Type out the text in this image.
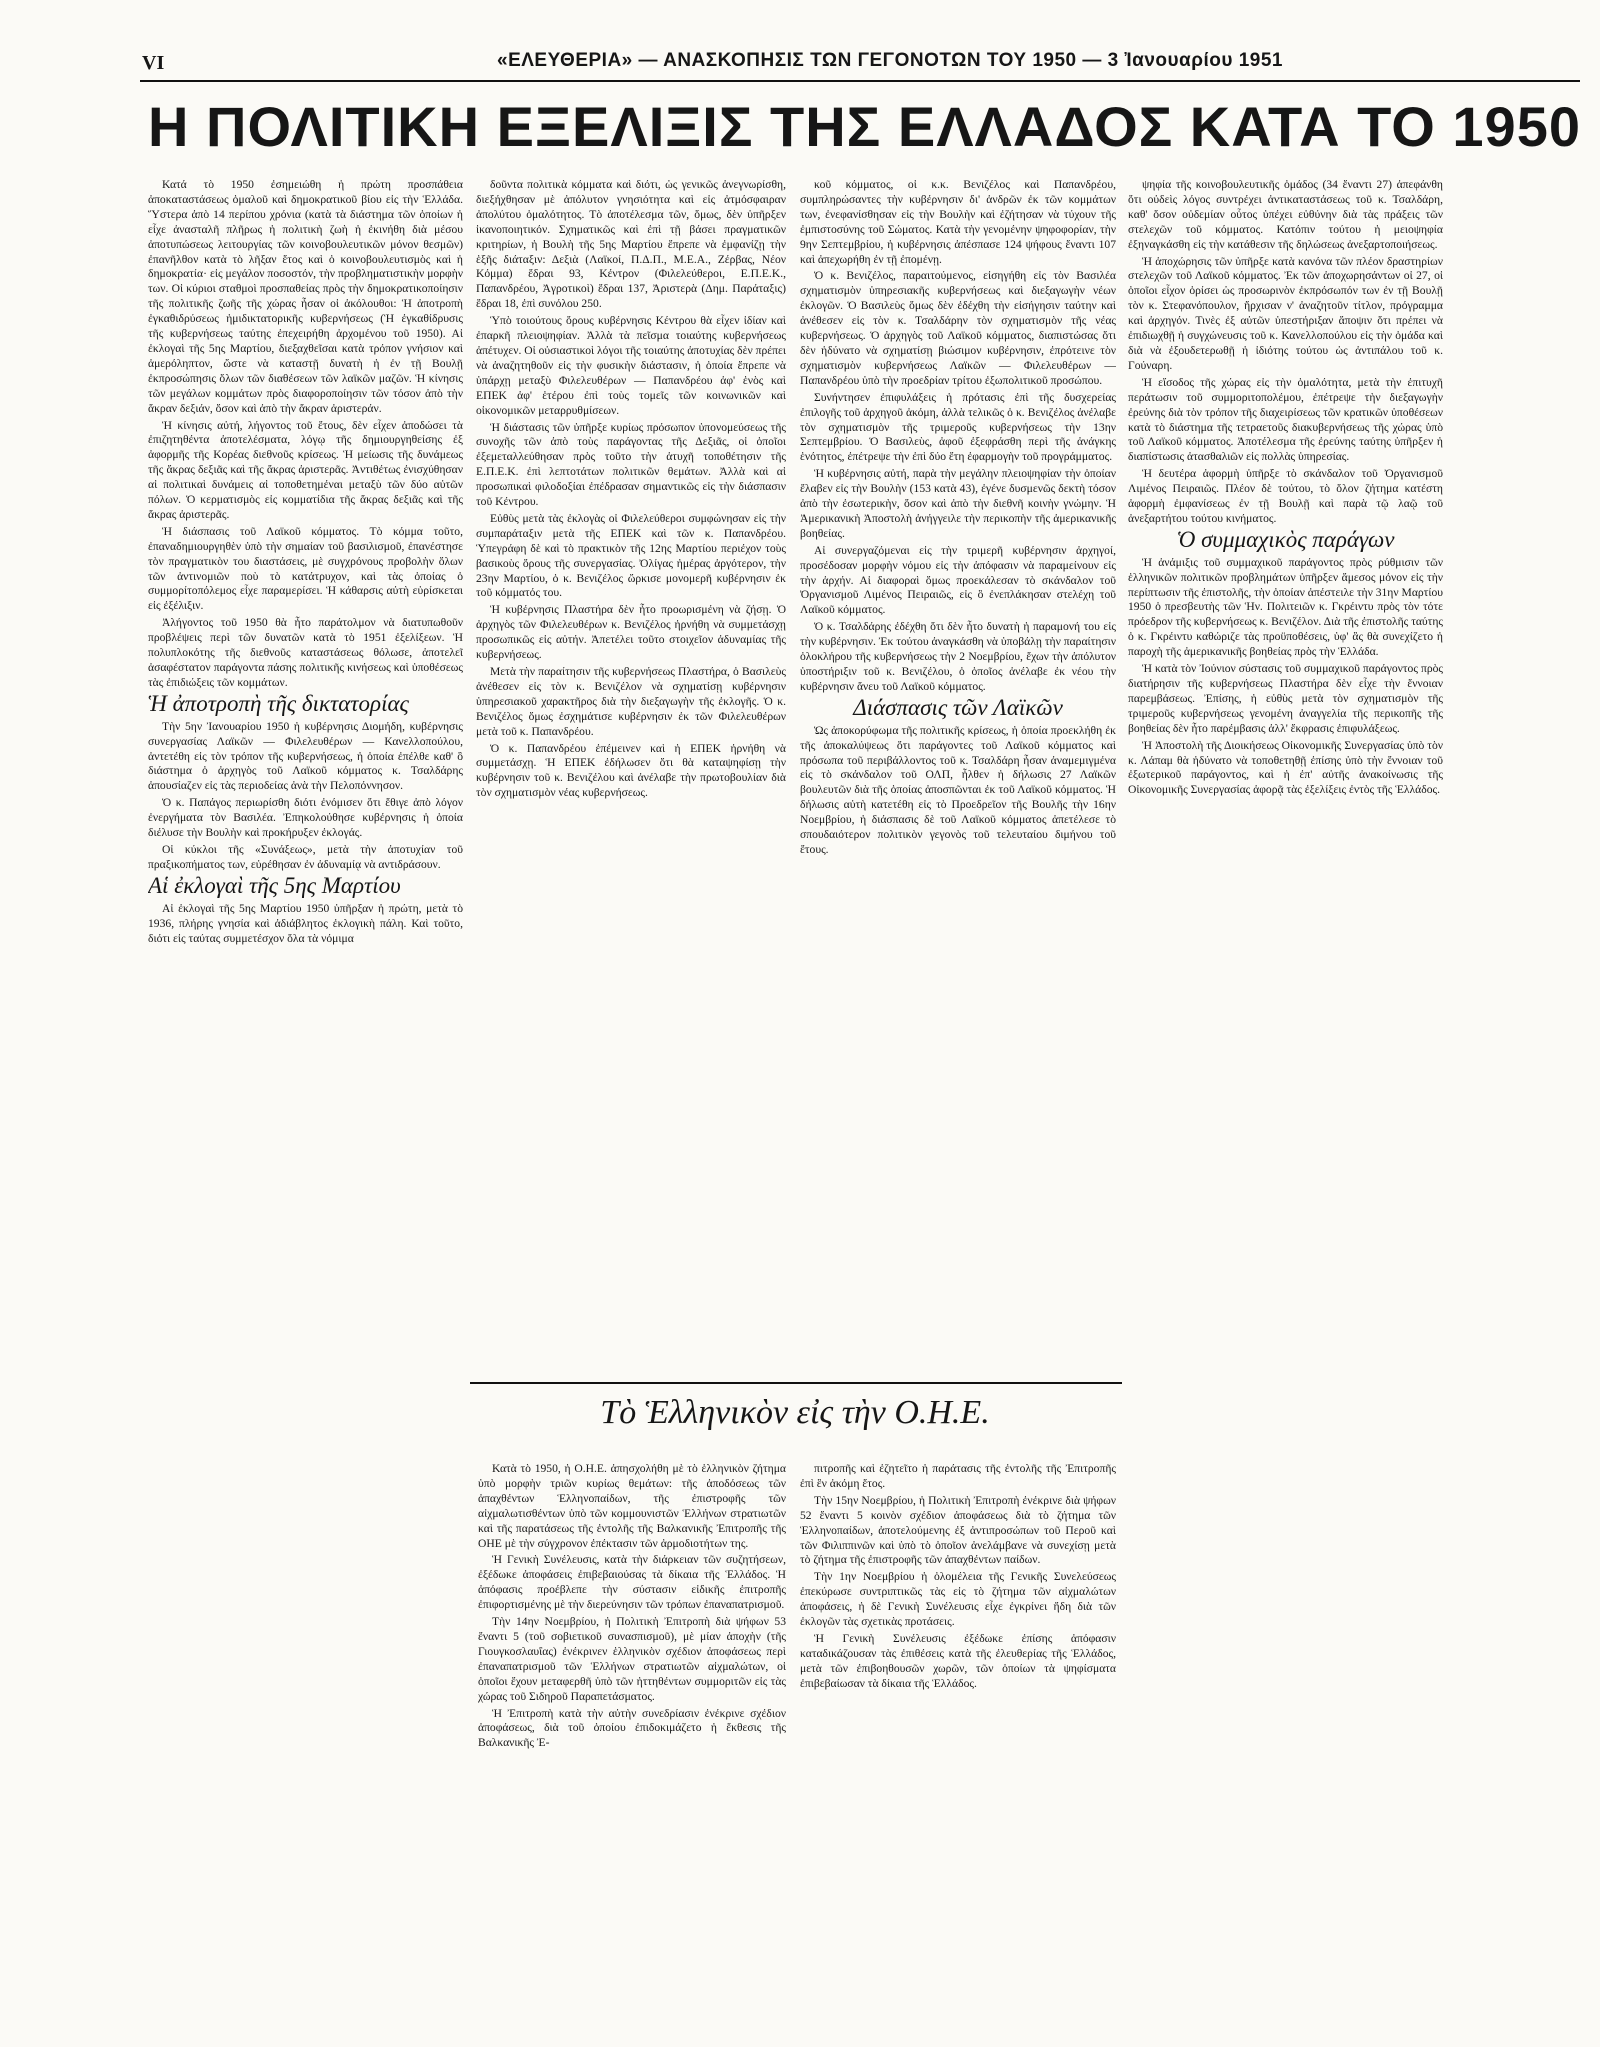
VI	«ΕΛΕΥΘΕΡΙΑ» — ΑΝΑΣΚΟΠΗΣΙΣ ΤΩΝ ΓΕΓΟΝΟΤΩΝ ΤΟΥ 1950 — 3 Ἰανουαρίου 1951
Η ΠΟΛΙΤΙΚΗ ΕΞΕΛΙΞΙΣ ΤΗΣ ΕΛΛΑΔΟΣ ΚΑΤΑ ΤΟ 1950

Κατά τὸ 1950 ἐσημειώθη ἡ πρώτη προσπάθεια ἀποκαταστάσεως ὁμαλοῦ καὶ δημοκρατικοῦ βίου εἰς τὴν Ἑλλάδα. Ὕστερα ἀπὸ 14 περίπου χρόνια (κατὰ τὰ διάστημα τῶν ὁποίων ἡ εἶχε ἀνασταλῆ πλῆρως ἡ πολιτικὴ ζωὴ ἡ ἐκινήθη διὰ μέσου ἀποτυπώσεως λειτουργίας τῶν κοινοβουλευτικῶν μόνον θεσμῶν) ἐπανῆλθον κατὰ τὸ λῆξαν ἔτος καὶ ὁ κοινοβουλευτισμὸς καὶ ἡ δημοκρατία· εἰς μεγάλον ποσοστόν, τὴν προβληματιστικὴν μορφὴν των. Οἱ κύριοι σταθμοὶ προσπαθείας πρὸς τὴν δημοκρατικοποίησιν τῆς πολιτικῆς ζωῆς τῆς χώρας ἦσαν οἱ ἀκόλουθοι: Ἡ ἀποτροπὴ ἐγκαθιδρύσεως ἡμιδικτατορικῆς κυβερνήσεως (Ἡ ἐγκαθίδρυσις τῆς κυβερνήσεως ταύτης ἐπεχειρήθη ἀρχομένου τοῦ 1950). Αἱ ἐκλογαὶ τῆς 5ης Μαρτίου, διεξαχθεῖσαι κατὰ τρόπον γνήσιον καὶ ἀμερόληπτον, ὥστε νὰ καταστῇ δυνατὴ ἡ ἐν τῇ Βουλῇ ἐκπροσώπησις ὅλων τῶν διαθέσεων τῶν λαϊκῶν μαζῶν. Ἡ κίνησις τῶν μεγάλων κομμάτων πρὸς διαφοροποίησιν τῶν τόσον ἀπὸ τὴν ἄκραν δεξιάν, ὅσον καὶ ἀπὸ τὴν ἄκραν ἀριστεράν.

Ἡ κίνησις αὐτή, λήγοντος τοῦ ἔτους, δὲν εἶχεν ἀποδώσει τὰ ἐπιζητηθέντα ἀποτελέσματα, λόγῳ τῆς δημιουργηθείσης ἐξ ἀφορμῆς τῆς Κορέας διεθνοῦς κρίσεως. Ἡ μείωσις τῆς δυνάμεως τῆς ἄκρας δεξιᾶς καὶ τῆς ἄκρας ἀριστερᾶς. Ἀντιθέτως ἐνισχύθησαν αἱ πολιτικαὶ δυνάμεις αἱ τοποθετημέναι μεταξὺ τῶν δύο αὐτῶν πόλων. Ὁ κερματισμὸς εἰς κομματίδια τῆς ἄκρας δεξιᾶς καὶ τῆς ἄκρας ἀριστερᾶς.

Ἡ διάσπασις τοῦ Λαϊκοῦ κόμματος. Τὸ κόμμα τοῦτο, ἐπαναδημιουργηθὲν ὑπὸ τὴν σημαίαν τοῦ βασιλισμοῦ, ἐπανέστησε τὸν πραγματικὸν του διαστάσεις, μὲ συγχρόνους προβολὴν ὅλων τῶν ἀντινομιῶν ποὺ τὸ κατάτρυχον, καὶ τὰς ὁποίας ὁ συμμορίτοπόλεμος εἶχε παραμερίσει. Ἡ κάθαρσις αὐτὴ εὑρίσκεται εἰς ἐξέλιξιν.

Ἀλήγοντος τοῦ 1950 θὰ ἦτο παράτολμον νὰ διατυπωθοῦν προβλέψεις περὶ τῶν δυνατῶν κατὰ τὸ 1951 ἐξελίξεων. Ἡ πολυπλοκότης τῆς διεθνοῦς καταστάσεως θόλωσε, ἀποτελεῖ ἀσαφέστατον παράγοντα πάσης πολιτικῆς κινήσεως καὶ ὑποθέσεως τὰς ἐπιδιώξεις τῶν κομμάτων.

Ἡ ἀποτροπὴ τῆς δικτατορίας

Τὴν 5ην Ἰανουαρίου 1950 ἡ κυβέρνησις Διομήδη, κυβέρνησις συνεργασίας Λαϊκῶν — Φιλελευθέρων — Κανελλοπούλου, ἀντετέθη εἰς τὸν τρόπον τῆς κυβερνήσεως, ἡ ὁποία ἐπέλθε καθ' ὃ διάστημα ὁ ἀρχηγὸς τοῦ Λαϊκοῦ κόμματος κ. Τσαλδάρης ἀπουσίαζεν εἰς τὰς περιοδείας ἀνὰ τὴν Πελοπόννησον.

Ὁ κ. Παπάγος περιωρίσθη διότι ἐνόμισεν ὅτι ἔθιγε ἀπὸ λόγον ἐνεργήματα τὸν Βασιλέα. Ἐπηκολούθησε κυβέρνησις ἡ ὁποία διέλυσε τὴν Βουλὴν καὶ προκήρυξεν ἐκλογάς.

Οἱ κύκλοι τῆς «Συνάξεως», μετὰ τὴν ἀποτυχίαν τοῦ πραξικοπήματος των, εὐρέθησαν ἐν ἀδυναμίᾳ νὰ αντιδράσουν.

Αἱ ἐκλογαὶ τῆς 5ης Μαρτίου

Αἱ ἐκλογαὶ τῆς 5ης Μαρτίου 1950 ὑπῆρξαν ἡ πρώτη, μετὰ τὸ 1936, πλήρης γνησία καὶ ἀδιάβλητος ἐκλογικὴ πάλη. Καὶ τοῦτο, διότι εἰς ταύτας συμμετέσχον ὅλα τὰ νόμιμα

δοῦντα πολιτικὰ κόμματα καὶ διότι, ὡς γενικῶς ἀνεγνωρίσθη, διεξήχθησαν μὲ ἀπόλυτον γνησιότητα καὶ εἰς ἀτμόσφαιραν ἀπολύτου ὁμαλότητος. Τὸ ἀποτέλεσμα τῶν, ὅμως, δὲν ὑπῆρξεν ἱκανοποιητικόν. Σχηματικῶς καὶ ἐπὶ τῇ βάσει πραγματικῶν κριτηρίων, ἡ Βουλὴ τῆς 5ης Μαρτίου ἔπρεπε νὰ ἐμφανίζῃ τὴν ἑξῆς διάταξιν: Δεξιὰ (Λαϊκοί, Π.Δ.Π., Μ.Ε.Α., Ζέρβας, Νέον Κόμμα) ἕδραι 93, Κέντρον (Φιλελεύθεροι, Ε.Π.Ε.Κ., Παπανδρέου, Ἀγροτικοὶ) ἕδραι 137, Ἀριστερὰ (Δημ. Παράταξις) ἕδραι 18, ἐπὶ συνόλου 250.

Ὑπὸ τοιούτους ὅρους κυβέρνησις Κέντρου θὰ εἶχεν ἰδίαν καὶ ἐπαρκῆ πλειοψηφίαν. Ἀλλὰ τὰ πεῖσμα τοιαύτης κυβερνήσεως ἀπέτυχεν. Οἱ οὐσιαστικοὶ λόγοι τῆς τοιαύτης ἀποτυχίας δὲν πρέπει νὰ ἀναζητηθοῦν εἰς τὴν φυσικὴν διάστασιν, ἡ ὁποία ἔπρεπε νὰ ὑπάρχῃ μεταξὺ Φιλελευθέρων — Παπανδρέου ἀφ' ἑνὸς καὶ ΕΠΕΚ ἀφ' ἑτέρου ἐπὶ τοὺς τομεῖς τῶν κοινωνικῶν καὶ οἰκονομικῶν μεταρρυθμίσεων.

Ἡ διάστασις τῶν ὑπῆρξε κυρίως πρόσωπον ὑπονομεύσεως τῆς συνοχῆς τῶν ἀπὸ τοὺς παράγοντας τῆς Δεξιᾶς, οἱ ὁποῖοι ἐξεμεταλλεύθησαν πρὸς τοῦτο τὴν ἀτυχῆ τοποθέτησιν τῆς Ε.Π.Ε.Κ. ἐπὶ λεπτοτάτων πολιτικῶν θεμάτων. Ἀλλὰ καὶ αἱ προσωπικαὶ φιλοδοξίαι ἐπέδρασαν σημαντικῶς εἰς τὴν διάσπασιν τοῦ Κέντρου.

Εὐθὺς μετὰ τὰς ἐκλογὰς οἱ Φιλελεύθεροι συμφώνησαν εἰς τὴν συμπαράταξιν μετὰ τῆς ΕΠΕΚ καὶ τῶν κ. Παπανδρέου. Ὑπεγράφη δὲ καὶ τὸ πρακτικὸν τῆς 12ης Μαρτίου περιέχον τοὺς βασικοὺς ὅρους τῆς συνεργασίας. Ὀλίγας ἡμέρας ἀργότερον, τὴν 23ην Μαρτίου, ὁ κ. Βενιζέλος ὥρκισε μονομερῆ κυβέρνησιν ἐκ τοῦ κόμματός του.

Ἡ κυβέρνησις Πλαστήρα δὲν ἦτο προωρισμένη νὰ ζήσῃ. Ὁ ἀρχηγὸς τῶν Φιλελευθέρων κ. Βενιζέλος ἠρνήθη νὰ συμμετάσχῃ προσωπικῶς εἰς αὐτήν. Ἀπετέλει τοῦτο στοιχεῖον ἀδυναμίας τῆς κυβερνήσεως.

Μετὰ τὴν παραίτησιν τῆς κυβερνήσεως Πλαστήρα, ὁ Βασιλεὺς ἀνέθεσεν εἰς τὸν κ. Βενιζέλον νὰ σχηματίσῃ κυβέρνησιν ὑπηρεσιακοῦ χαρακτῆρος διὰ τὴν διεξαγωγὴν τῆς ἐκλογῆς. Ὁ κ. Βενιζέλος ὅμως ἐσχημάτισε κυβέρνησιν ἐκ τῶν Φιλελευθέρων μετὰ τοῦ κ. Παπανδρέου.

Ὁ κ. Παπανδρέου ἐπέμεινεν καὶ ἡ ΕΠΕΚ ἠρνήθη νὰ συμμετάσχῃ. Ἡ ΕΠΕΚ ἐδήλωσεν ὅτι θὰ καταψηφίσῃ τὴν κυβέρνησιν τοῦ κ. Βενιζέλου καὶ ἀνέλαβε τὴν πρωτοβουλίαν διὰ τὸν σχηματισμὸν νέας κυβερνήσεως.

κοῦ κόμματος, οἱ κ.κ. Βενιζέλος καὶ Παπανδρέου, συμπληρώσαντες τὴν κυβέρνησιν δι' ἀνδρῶν ἐκ τῶν κομμάτων των, ἐνεφανίσθησαν εἰς τὴν Βουλὴν καὶ ἐζήτησαν νὰ τύχουν τῆς ἐμπιστοσύνης τοῦ Σώματος. Κατὰ τὴν γενομένην ψηφοφορίαν, τὴν 9ην Σεπτεμβρίου, ἡ κυβέρνησις ἀπέσπασε 124 ψήφους ἔναντι 107 καὶ ἀπεχωρήθη ἐν τῇ ἐπομένῃ.

Ὁ κ. Βενιζέλος, παραιτούμενος, εἰσηγήθη εἰς τὸν Βασιλέα σχηματισμὸν ὑπηρεσιακῆς κυβερνήσεως καὶ διεξαγωγὴν νέων ἐκλογῶν. Ὁ Βασιλεὺς ὅμως δὲν ἐδέχθη τὴν εἰσήγησιν ταύτην καὶ ἀνέθεσεν εἰς τὸν κ. Τσαλδάρην τὸν σχηματισμὸν τῆς νέας κυβερνήσεως. Ὁ ἀρχηγὸς τοῦ Λαϊκοῦ κόμματος, διαπιστώσας ὅτι δὲν ἠδύνατο νὰ σχηματίσῃ βιώσιμον κυβέρνησιν, ἐπρότεινε τὸν σχηματισμὸν κυβερνήσεως Λαϊκῶν — Φιλελευθέρων — Παπανδρέου ὑπὸ τὴν προεδρίαν τρίτου ἐξωπολιτικοῦ προσώπου.

Συνήντησεν ἐπιφυλάξεις ἡ πρότασις ἐπὶ τῆς δυσχερείας ἐπιλογῆς τοῦ ἀρχηγοῦ ἀκόμη, ἀλλὰ τελικῶς ὁ κ. Βενιζέλος ἀνέλαβε τὸν σχηματισμὸν τῆς τριμεροῦς κυβερνήσεως τὴν 13ην Σεπτεμβρίου. Ὁ Βασιλεὺς, ἀφοῦ ἐξεφράσθη περὶ τῆς ἀνάγκης ἑνότητος, ἐπέτρεψε τὴν ἐπὶ δύο ἔτη ἐφαρμογὴν τοῦ προγράμματος.

Ἡ κυβέρνησις αὐτή, παρὰ τὴν μεγάλην πλειοψηφίαν τὴν ὁποίαν ἔλαβεν εἰς τὴν Βουλὴν (153 κατὰ 43), ἐγένε δυσμενῶς δεκτὴ τόσον ἀπὸ τὴν ἐσωτερικὴν, ὅσον καὶ ἀπὸ τὴν διεθνῆ κοινὴν γνώμην. Ἡ Ἀμερικανικὴ Ἀποστολὴ ἀνήγγειλε τὴν περικοπὴν τῆς ἀμερικανικῆς βοηθείας.

Αἱ συνεργαζόμεναι εἰς τὴν τριμερῆ κυβέρνησιν ἀρχηγοί, προσέδοσαν μορφὴν νόμου εἰς τὴν ἀπόφασιν νὰ παραμείνουν εἰς τὴν ἀρχήν. Αἱ διαφοραὶ ὅμως προεκάλεσαν τὸ σκάνδαλον τοῦ Ὀργανισμοῦ Λιμένος Πειραιῶς, εἰς ὃ ἐνεπλάκησαν στελέχη τοῦ Λαϊκοῦ κόμματος.

Ὁ κ. Τσαλδάρης ἐδέχθη ὅτι δὲν ἦτο δυνατὴ ἡ παραμονή του εἰς τὴν κυβέρνησιν. Ἐκ τούτου ἀναγκάσθη νὰ ὑποβάλῃ τὴν παραίτησιν ὁλοκλήρου τῆς κυβερνήσεως τὴν 2 Νοεμβρίου, ἔχων τὴν ἀπόλυτον ὑποστήριξιν τοῦ κ. Βενιζέλου, ὁ ὁποῖος ἀνέλαβε ἐκ νέου τὴν κυβέρνησιν ἄνευ τοῦ Λαϊκοῦ κόμματος.

Διάσπασις τῶν Λαϊκῶν

Ὡς ἀποκορύφωμα τῆς πολιτικῆς κρίσεως, ἡ ὁποία προεκλήθη ἐκ τῆς ἀποκαλύψεως ὅτι παράγοντες τοῦ Λαϊκοῦ κόμματος καὶ πρόσωπα τοῦ περιβάλλοντος τοῦ κ. Τσαλδάρη ἦσαν ἀναμεμιγμένα εἰς τὸ σκάνδαλον τοῦ ΟΛΠ, ἦλθεν ἡ δήλωσις 27 Λαϊκῶν βουλευτῶν διὰ τῆς ὁποίας ἀποσπῶνται ἐκ τοῦ Λαϊκοῦ κόμματος. Ἡ δήλωσις αὐτὴ κατετέθη εἰς τὸ Προεδρεῖον τῆς Βουλῆς τὴν 16ην Νοεμβρίου, ἡ διάσπασις δὲ τοῦ Λαϊκοῦ κόμματος ἀπετέλεσε τὸ σπουδαιότερον πολιτικὸν γεγονὸς τοῦ τελευταίου διμήνου τοῦ ἔτους.

ψηφία τῆς κοινοβουλευτικῆς ὁμάδος (34 ἕναντι 27) ἀπεφάνθη ὅτι οὐδεὶς λόγος συντρέχει ἀντικαταστάσεως τοῦ κ. Τσαλδάρη, καθ' ὅσον οὐδεμίαν οὗτος ὑπέχει εὐθύνην διὰ τὰς πράξεις τῶν στελεχῶν τοῦ κόμματος. Κατόπιν τούτου ἡ μειοψηφία ἐξηναγκάσθη εἰς τὴν κατάθεσιν τῆς δηλώσεως ἀνεξαρτοποιήσεως.

Ἡ ἀποχώρησις τῶν ὑπῆρξε κατὰ κανόνα τῶν πλέον δραστηρίων στελεχῶν τοῦ Λαϊκοῦ κόμματος. Ἐκ τῶν ἀποχωρησάντων οἱ 27, οἱ ὁποῖοι εἶχον ὁρίσει ὡς προσωρινὸν ἐκπρόσωπόν των ἐν τῇ Βουλῇ τὸν κ. Στεφανόπουλον, ἤρχισαν ν' ἀναζητοῦν τίτλον, πρόγραμμα καὶ ἀρχηγόν. Τινὲς ἐξ αὐτῶν ὑπεστήριξαν ἄποψιν ὅτι πρέπει νὰ ἐπιδιωχθῇ ἡ συγχώνευσις τοῦ κ. Κανελλοπούλου εἰς τὴν ὁμάδα καὶ διὰ νὰ ἐξουδετερωθῇ ἡ ἰδιότης τούτου ὡς ἀντιπάλου τοῦ κ. Γούναρη.

Ἡ εἴσοδος τῆς χώρας εἰς τὴν ὁμαλότητα, μετὰ τὴν ἐπιτυχῆ περάτωσιν τοῦ συμμοριτοπολέμου, ἐπέτρεψε τὴν διεξαγωγὴν ἐρεύνης διὰ τὸν τρόπον τῆς διαχειρίσεως τῶν κρατικῶν ὑποθέσεων κατὰ τὸ διάστημα τῆς τετραετοῦς διακυβερνήσεως τῆς χώρας ὑπὸ τοῦ Λαϊκοῦ κόμματος. Ἀποτέλεσμα τῆς ἐρεύνης ταύτης ὑπῆρξεν ἡ διαπίστωσις ἀτασθαλιῶν εἰς πολλὰς ὑπηρεσίας.

Ἡ δευτέρα ἀφορμὴ ὑπῆρξε τὸ σκάνδαλον τοῦ Ὀργανισμοῦ Λιμένος Πειραιῶς. Πλέον δὲ τούτου, τὸ ὅλον ζήτημα κατέστη ἀφορμὴ ἐμφανίσεως ἐν τῇ Βουλῇ καὶ παρὰ τῷ λαῷ τοῦ ἀνεξαρτήτου τούτου κινήματος.

Ὁ συμμαχικὸς παράγων

Ἡ ἀνάμιξις τοῦ συμμαχικοῦ παράγοντος πρὸς ρύθμισιν τῶν ἑλληνικῶν πολιτικῶν προβλημάτων ὑπῆρξεν ἄμεσος μόνον εἰς τὴν περίπτωσιν τῆς ἐπιστολῆς, τὴν ὁποίαν ἀπέστειλε τὴν 31ην Μαρτίου 1950 ὁ πρεσβευτὴς τῶν Ἡν. Πολιτειῶν κ. Γκρέιντυ πρὸς τὸν τότε πρόεδρον τῆς κυβερνήσεως κ. Βενιζέλον. Διὰ τῆς ἐπιστολῆς ταύτης ὁ κ. Γκρέιντυ καθώριζε τὰς προϋποθέσεις, ὑφ' ἃς θὰ συνεχίζετο ἡ παροχὴ τῆς ἀμερικανικῆς βοηθείας πρὸς τὴν Ἑλλάδα.

Ἡ κατὰ τὸν Ἰούνιον σύστασις τοῦ συμμαχικοῦ παράγοντος πρὸς διατήρησιν τῆς κυβερνήσεως Πλαστήρα δὲν εἶχε τὴν ἔννοιαν παρεμβάσεως. Ἐπίσης, ἡ εὐθὺς μετὰ τὸν σχηματισμὸν τῆς τριμεροῦς κυβερνήσεως γενομένη ἀναγγελία τῆς περικοπῆς τῆς βοηθείας δὲν ἦτο παρέμβασις ἀλλ' ἔκφρασις ἐπιφυλάξεως.

Ἡ Ἀποστολὴ τῆς Διοικήσεως Οἰκονομικῆς Συνεργασίας ὑπὸ τὸν κ. Λάπαμ θὰ ἠδύνατο νὰ τοποθετηθῇ ἐπίσης ὑπὸ τὴν ἔννοιαν τοῦ ἐξωτερικοῦ παράγοντος, καὶ ἡ ἐπ' αὐτῆς ἀνακοίνωσις τῆς Οἰκονομικῆς Συνεργασίας ἀφορᾷ τὰς ἐξελίξεις ἐντὸς τῆς Ἑλλάδος.

Τὸ Ἑλληνικὸν εἰς τὴν Ο.Η.Ε.

Κατὰ τὸ 1950, ἡ Ο.Η.Ε. ἀπησχολήθη μὲ τὸ ἑλληνικὸν ζήτημα ὑπὸ μορφὴν τριῶν κυρίως θεμάτων: τῆς ἀποδόσεως τῶν ἀπαχθέντων Ἑλληνοπαίδων, τῆς ἐπιστροφῆς τῶν αἰχμαλωτισθέντων ὑπὸ τῶν κομμουνιστῶν Ἑλλήνων στρατιωτῶν καὶ τῆς παρατάσεως τῆς ἐντολῆς τῆς Βαλκανικῆς Ἐπιτροπῆς τῆς ΟΗΕ μὲ τὴν σύγχρονον ἐπέκτασιν τῶν ἁρμοδιοτήτων της.

Ἡ Γενικὴ Συνέλευσις, κατὰ τὴν διάρκειαν τῶν συζητήσεων, ἐξέδωκε ἀποφάσεις ἐπιβεβαιούσας τὰ δίκαια τῆς Ἑλλάδος. Ἡ ἀπόφασις προέβλεπε τὴν σύστασιν εἰδικῆς ἐπιτροπῆς ἐπιφορτισμένης μὲ τὴν διερεύνησιν τῶν τρόπων ἐπαναπατρισμοῦ.

Τὴν 14ην Νοεμβρίου, ἡ Πολιτικὴ Ἐπιτροπὴ διὰ ψήφων 53 ἔναντι 5 (τοῦ σοβιετικοῦ συνασπισμοῦ), μὲ μίαν ἀποχὴν (τῆς Γιουγκοσλαυΐας) ἐνέκρινεν ἑλληνικὸν σχέδιον ἀποφάσεως περὶ ἐπαναπατρισμοῦ τῶν Ἑλλήνων στρατιωτῶν αἰχμαλώτων, οἱ ὁποῖοι ἔχουν μεταφερθῆ ὑπὸ τῶν ἡττηθέντων συμμοριτῶν εἰς τὰς χώρας τοῦ Σιδηροῦ Παραπετάσματος.

Ἡ Ἐπιτροπὴ κατὰ τὴν αὐτὴν συνεδρίασιν ἐνέκρινε σχέδιον ἀποφάσεως, διὰ τοῦ ὁποίου ἐπιδοκιμάζετο ἡ ἔκθεσις τῆς Βαλκανικῆς Ἐ-

πιτροπῆς καὶ ἐζητεῖτο ἡ παράτασις τῆς ἐντολῆς τῆς Ἐπιτροπῆς ἐπὶ ἓν ἀκόμη ἔτος.

Τὴν 15ην Νοεμβρίου, ἡ Πολιτικὴ Ἐπιτροπὴ ἐνέκρινε διὰ ψήφων 52 ἔναντι 5 κοινὸν σχέδιον ἀποφάσεως διὰ τὸ ζήτημα τῶν Ἑλληνοπαίδων, ἀποτελούμενης ἐξ ἀντιπροσώπων τοῦ Περοῦ καὶ τῶν Φιλιππινῶν καὶ ὑπὸ τὸ ὁποῖον ἀνελάμβανε νὰ συνεχίσῃ μετὰ τὸ ζήτημα τῆς ἐπιστροφῆς τῶν ἀπαχθέντων παίδων.

Τὴν 1ην Νοεμβρίου ἡ ὁλομέλεια τῆς Γενικῆς Συνελεύσεως ἐπεκύρωσε συντριπτικῶς τὰς εἰς τὸ ζήτημα τῶν αἰχμαλώτων ἀποφάσεις, ἡ δὲ Γενικὴ Συνέλευσις εἶχε ἐγκρίνει ἤδη διὰ τῶν ἐκλογῶν τὰς σχετικὰς προτάσεις.

Ἡ Γενικὴ Συνέλευσις ἐξέδωκε ἐπίσης ἀπόφασιν καταδικάζουσαν τὰς ἐπιθέσεις κατὰ τῆς ἐλευθερίας τῆς Ἑλλάδος, μετὰ τῶν ἐπιβοηθουσῶν χωρῶν, τῶν ὁποίων τὰ ψηφίσματα ἐπιβεβαίωσαν τὰ δίκαια τῆς Ἑλλάδος.
